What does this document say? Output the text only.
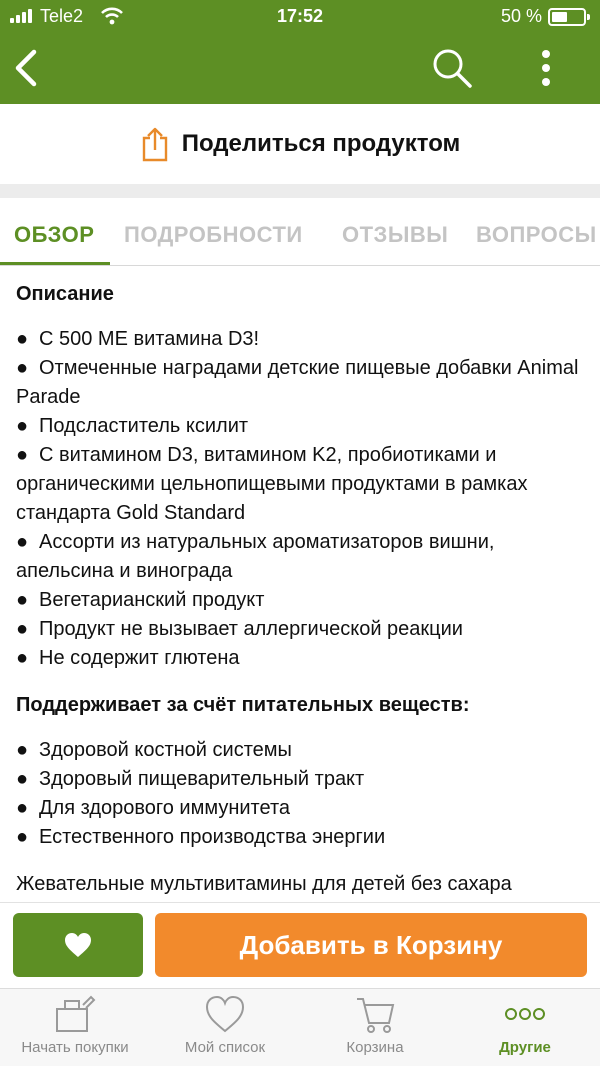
Tele2	17:52	50 %
Поделиться продуктом
ОБЗОР ПОДРОБНОСТИ ОТЗЫВЫ ВОПРОСЫ
Описание
● С 500 МЕ витамина D3!
● Отмеченные наградами детские пищевые добавки Animal Parade
● Подсластитель ксилит
● С витамином D3, витамином K2, пробиотиками и органическими цельнопищевыми продуктами в рамках стандарта Gold Standard
● Ассорти из натуральных ароматизаторов вишни, апельсина и винограда
● Вегетарианский продукт
● Продукт не вызывает аллергической реакции
● Не содержит глютена
Поддерживает за счёт питательных веществ:
● Здоровой костной системы
● Здоровый пищеварительный тракт
● Для здорового иммунитета
● Естественного производства энергии

Жевательные мультивитамины для детей без сахара

Добавить в Корзину
Начать покупки	Мой список	Корзина	Другие
